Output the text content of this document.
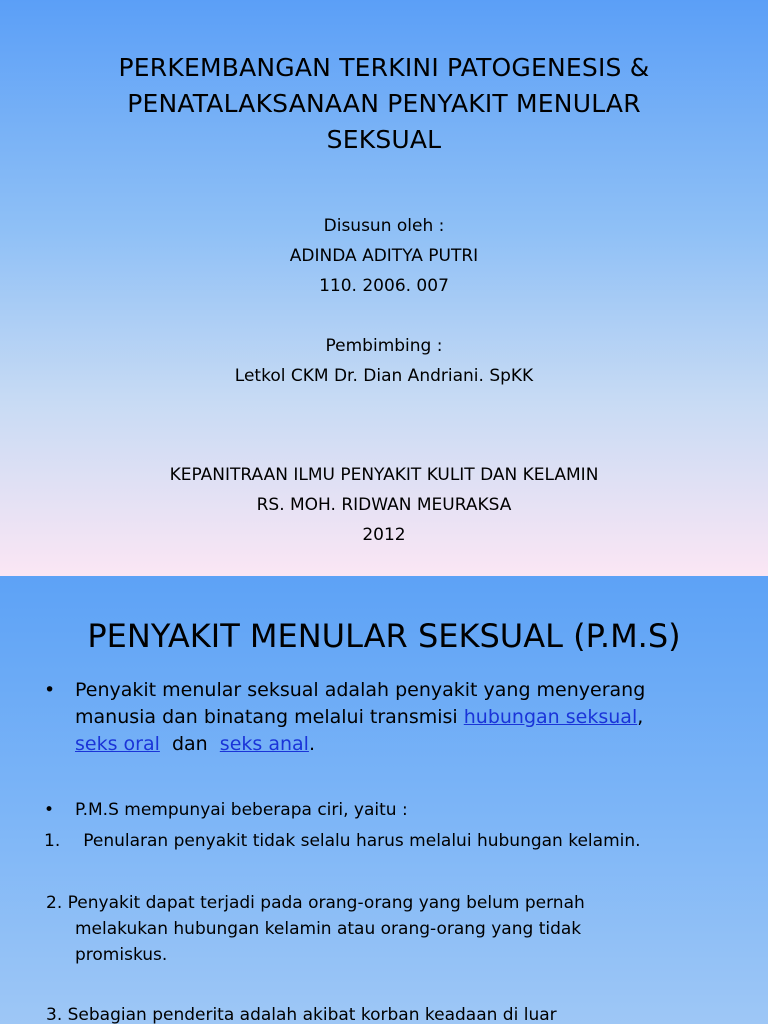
PERKEMBANGAN TERKINI PATOGENESIS &
PENATALAKSANAAN PENYAKIT MENULAR
SEKSUAL
Disusun oleh :
ADINDA ADITYA PUTRI
110. 2006. 007
Pembimbing :
Letkol CKM Dr. Dian Andriani. SpKK
KEPANITRAAN ILMU PENYAKIT KULIT DAN KELAMIN
RS. MOH. RIDWAN MEURAKSA
2012
PENYAKIT MENULAR SEKSUAL (P.M.S)
•	Penyakit menular seksual adalah penyakit yang menyerang
manusia dan binatang melalui transmisi hubungan seksual,
seks oral  dan  seks anal.
•	P.M.S mempunyai beberapa ciri, yaitu :
1. Penularan penyakit tidak selalu harus melalui hubungan kelamin.
2. Penyakit dapat terjadi pada orang-orang yang belum pernah
melakukan hubungan kelamin atau orang-orang yang tidak
promiskus.
3. Sebagian penderita adalah akibat korban keadaan di luar
